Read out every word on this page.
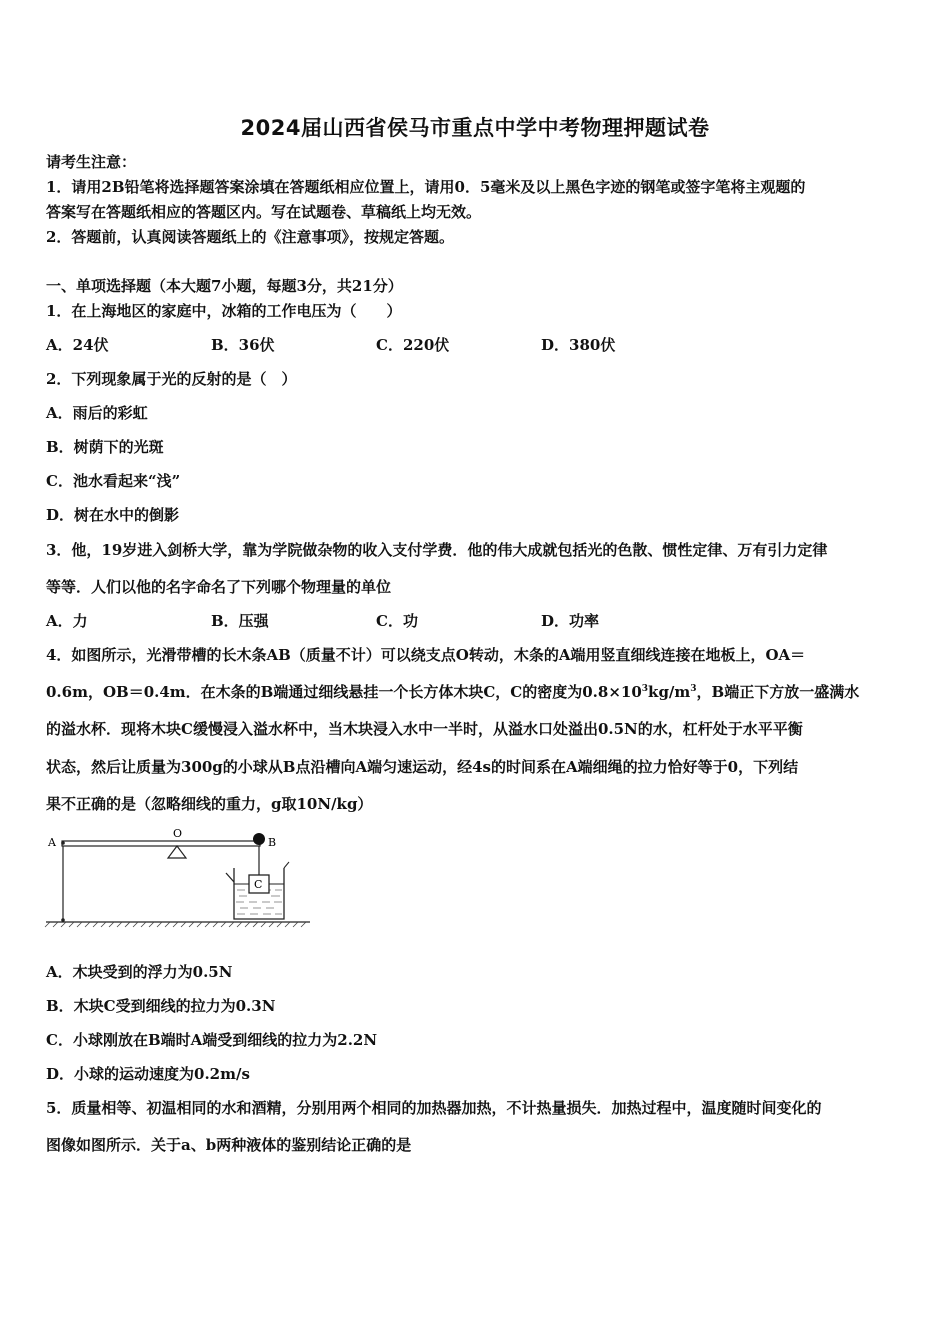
2024届山西省侯马市重点中学中考物理押题试卷
请考生注意：
1．请用2B铅笔将选择题答案涂填在答题纸相应位置上，请用0．5毫米及以上黑色字迹的钢笔或签字笔将主观题的
答案写在答题纸相应的答题区内。写在试题卷、草稿纸上均无效。
2．答题前，认真阅读答题纸上的《注意事项》，按规定答题。
一、单项选择题（本大题7小题，每题3分，共21分）
1．在上海地区的家庭中，冰箱的工作电压为（　　）
A．24伏	B．36伏	C．220伏	D．380伏
2．下列现象属于光的反射的是（　）
A．雨后的彩虹
B．树荫下的光斑
C．池水看起来“浅”
D．树在水中的倒影
3．他，19岁进入剑桥大学，靠为学院做杂物的收入支付学费．他的伟大成就包括光的色散、惯性定律、万有引力定律
等等．人们以他的名字命名了下列哪个物理量的单位
A．力	B．压强	C．功	D．功率
4．如图所示，光滑带槽的长木条AB（质量不计）可以绕支点O转动，木条的A端用竖直细线连接在地板上，OA＝
0.6m，OB＝0.4m．在木条的B端通过细线悬挂一个长方体木块C，C的密度为$0.8\times 10^3kg/m^3$，B端正下方放一盛满水
的溢水杯．现将木块C缓慢浸入溢水杯中，当木块浸入水中一半时，从溢水口处溢出0.5N的水，杠杆处于水平平衡
状态，然后让质量为300g的小球从B点沿槽向A端匀速运动，经4s的时间系在A端细绳的拉力恰好等于0，下列结
果不正确的是（忽略细线的重力，g取10N/kg）
A
O
B
C
A．木块受到的浮力为0.5N
B．木块C受到细线的拉力为0.3N
C．小球刚放在B端时A端受到细线的拉力为2.2N
D．小球的运动速度为0.2m/s
5．质量相等、初温相同的水和酒精，分别用两个相同的加热器加热，不计热量损失．加热过程中，温度随时间变化的
图像如图所示．关于a、b两种液体的鉴别结论正确的是
